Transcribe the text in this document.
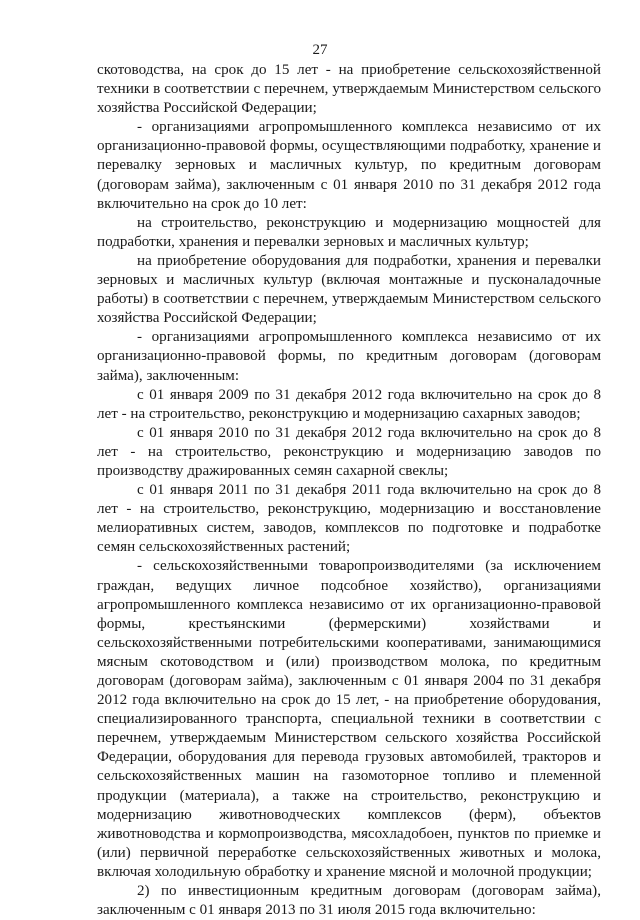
27

скотоводства, на срок до 15 лет - на приобретение сельскохозяйственной техники в соответствии с перечнем, утверждаемым Министерством сельского хозяйства Российской Федерации;

- организациями агропромышленного комплекса независимо от их организационно-правовой формы, осуществляющими подработку, хранение и перевалку зерновых и масличных культур, по кредитным договорам (договорам займа), заключенным с 01 января 2010 по 31 декабря 2012 года включительно на срок до 10 лет:

на строительство, реконструкцию и модернизацию мощностей для подработки, хранения и перевалки зерновых и масличных культур;

на приобретение оборудования для подработки, хранения и перевалки зерновых и масличных культур (включая монтажные и пусконаладочные работы) в соответствии с перечнем, утверждаемым Министерством сельского хозяйства Российской Федерации;

- организациями агропромышленного комплекса независимо от их организационно-правовой формы, по кредитным договорам (договорам займа), заключенным:

с 01 января 2009 по 31 декабря 2012 года включительно на срок до 8 лет - на строительство, реконструкцию и модернизацию сахарных заводов;

с 01 января 2010 по 31 декабря 2012 года включительно на срок до 8 лет - на строительство, реконструкцию и модернизацию заводов по производству дражированных семян сахарной свеклы;

с 01 января 2011 по 31 декабря 2011 года включительно на срок до 8 лет - на строительство, реконструкцию, модернизацию и восстановление мелиоративных систем, заводов, комплексов по подготовке и подработке семян сельскохозяйственных растений;

- сельскохозяйственными товаропроизводителями (за исключением граждан, ведущих личное подсобное хозяйство), организациями агропромышленного комплекса независимо от их организационно-правовой формы, крестьянскими (фермерскими) хозяйствами и сельскохозяйственными потребительскими кооперативами, занимающимися мясным скотоводством и (или) производством молока, по кредитным договорам (договорам займа), заключенным с 01 января 2004 по 31 декабря 2012 года включительно на срок до 15 лет, - на приобретение оборудования, специализированного транспорта, специальной техники в соответствии с перечнем, утверждаемым Министерством сельского хозяйства Российской Федерации, оборудования для перевода грузовых автомобилей, тракторов и сельскохозяйственных машин на газомоторное топливо и племенной продукции (материала), а также на строительство, реконструкцию и модернизацию животноводческих комплексов (ферм), объектов животноводства и кормопроизводства, мясохладобоен, пунктов по приемке и (или) первичной переработке сельскохозяйственных животных и молока, включая холодильную обработку и хранение мясной и молочной продукции;

2) по инвестиционным кредитным договорам (договорам займа), заключенным с 01 января 2013 по 31 июля 2015 года включительно:
